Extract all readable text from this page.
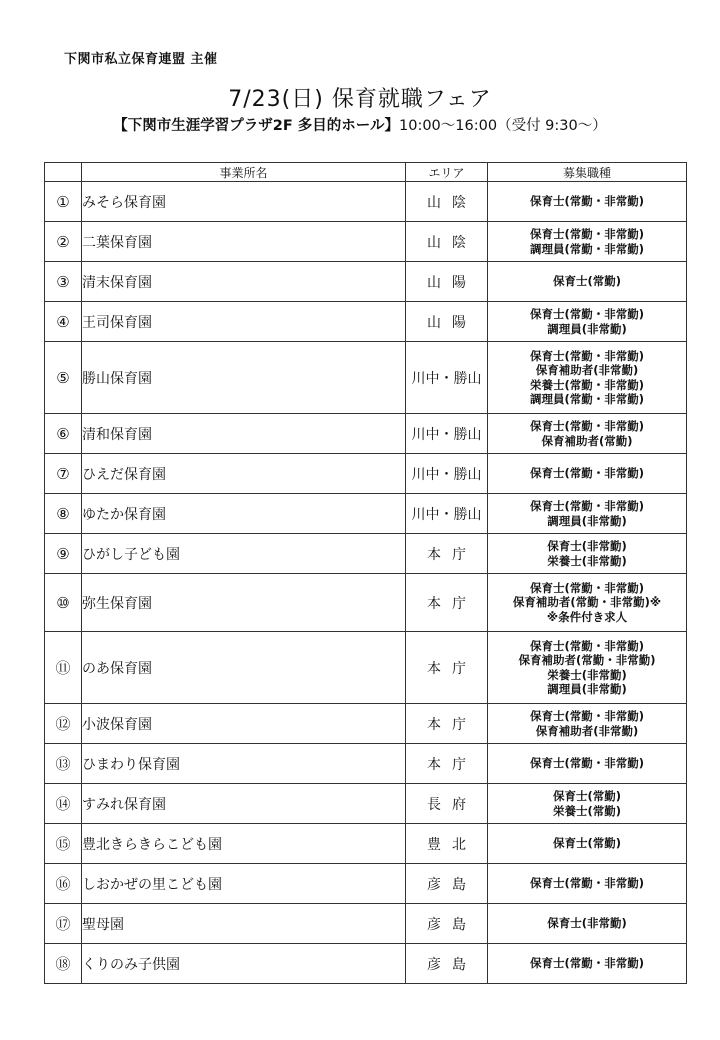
下関市私立保育連盟 主催
7/23(日) 保育就職フェア
【下関市生涯学習プラザ2F 多目的ホール】10:00〜16:00（受付 9:30〜）
	事業所名	エリア	募集職種
①	みそら保育園	山陰	保育士(常勤・非常勤)

②	二葉保育園	山陰	保育士(常勤・非常勤)
調理員(常勤・非常勤)

③	清末保育園	山陽	保育士(常勤)

④	王司保育園	山陽	保育士(常勤・非常勤)
調理員(非常勤)

⑤	勝山保育園	川中・勝山	保育士(常勤・非常勤)
保育補助者(非常勤)
栄養士(常勤・非常勤)
調理員(常勤・非常勤)

⑥	清和保育園	川中・勝山	保育士(常勤・非常勤)
保育補助者(常勤)

⑦	ひえだ保育園	川中・勝山	保育士(常勤・非常勤)

⑧	ゆたか保育園	川中・勝山	保育士(常勤・非常勤)
調理員(非常勤)

⑨	ひがし子ども園	本庁	保育士(非常勤)
栄養士(非常勤)

⑩	弥生保育園	本庁	保育士(常勤・非常勤)
保育補助者(常勤・非常勤)※
※条件付き求人

⑪	のあ保育園	本庁	保育士(常勤・非常勤)
保育補助者(常勤・非常勤)
栄養士(非常勤)
調理員(非常勤)

⑫	小波保育園	本庁	保育士(常勤・非常勤)
保育補助者(非常勤)

⑬	ひまわり保育園	本庁	保育士(常勤・非常勤)

⑭	すみれ保育園	長府	保育士(常勤)
栄養士(常勤)

⑮	豊北きらきらこども園	豊北	保育士(常勤)

⑯	しおかぜの里こども園	彦島	保育士(常勤・非常勤)

⑰	聖母園	彦島	保育士(非常勤)

⑱	くりのみ子供園	彦島	保育士(常勤・非常勤)
